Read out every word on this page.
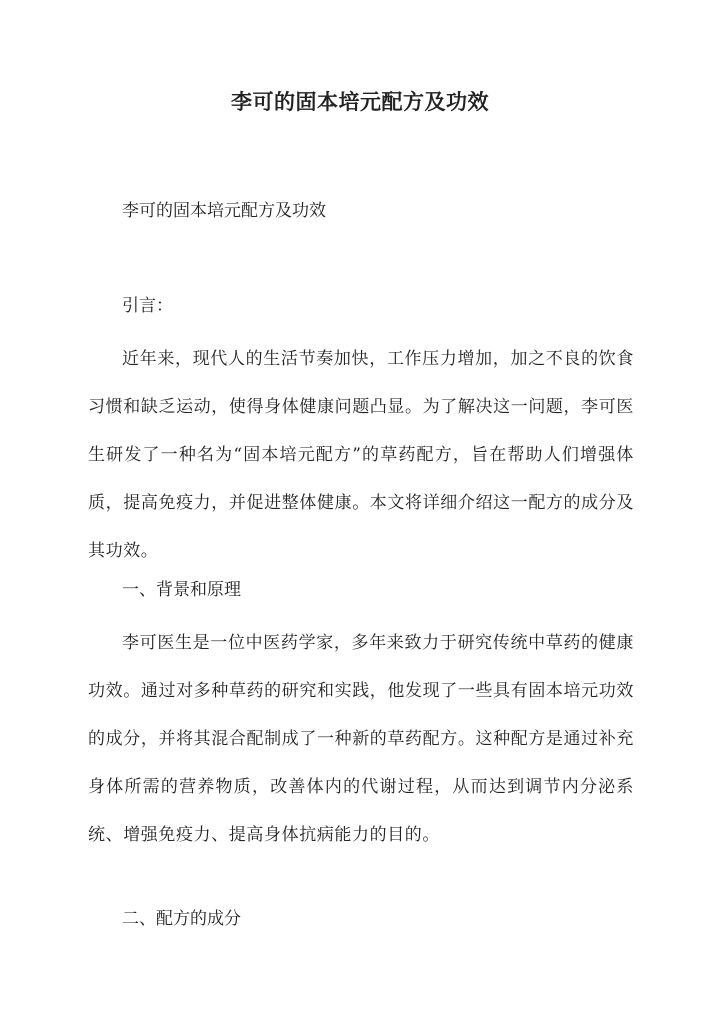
李可的固本培元配方及功效

李可的固本培元配方及功效

引言：

近年来，现代人的生活节奏加快，工作压力增加，加之不良的饮食习惯和缺乏运动，使得身体健康问题凸显。为了解决这一问题，李可医生研发了一种名为“固本培元配方”的草药配方，旨在帮助人们增强体质，提高免疫力，并促进整体健康。本文将详细介绍这一配方的成分及其功效。

一、背景和原理

李可医生是一位中医药学家，多年来致力于研究传统中草药的健康功效。通过对多种草药的研究和实践，他发现了一些具有固本培元功效的成分，并将其混合配制成了一种新的草药配方。这种配方是通过补充身体所需的营养物质，改善体内的代谢过程，从而达到调节内分泌系统、增强免疫力、提高身体抗病能力的目的。

二、配方的成分
